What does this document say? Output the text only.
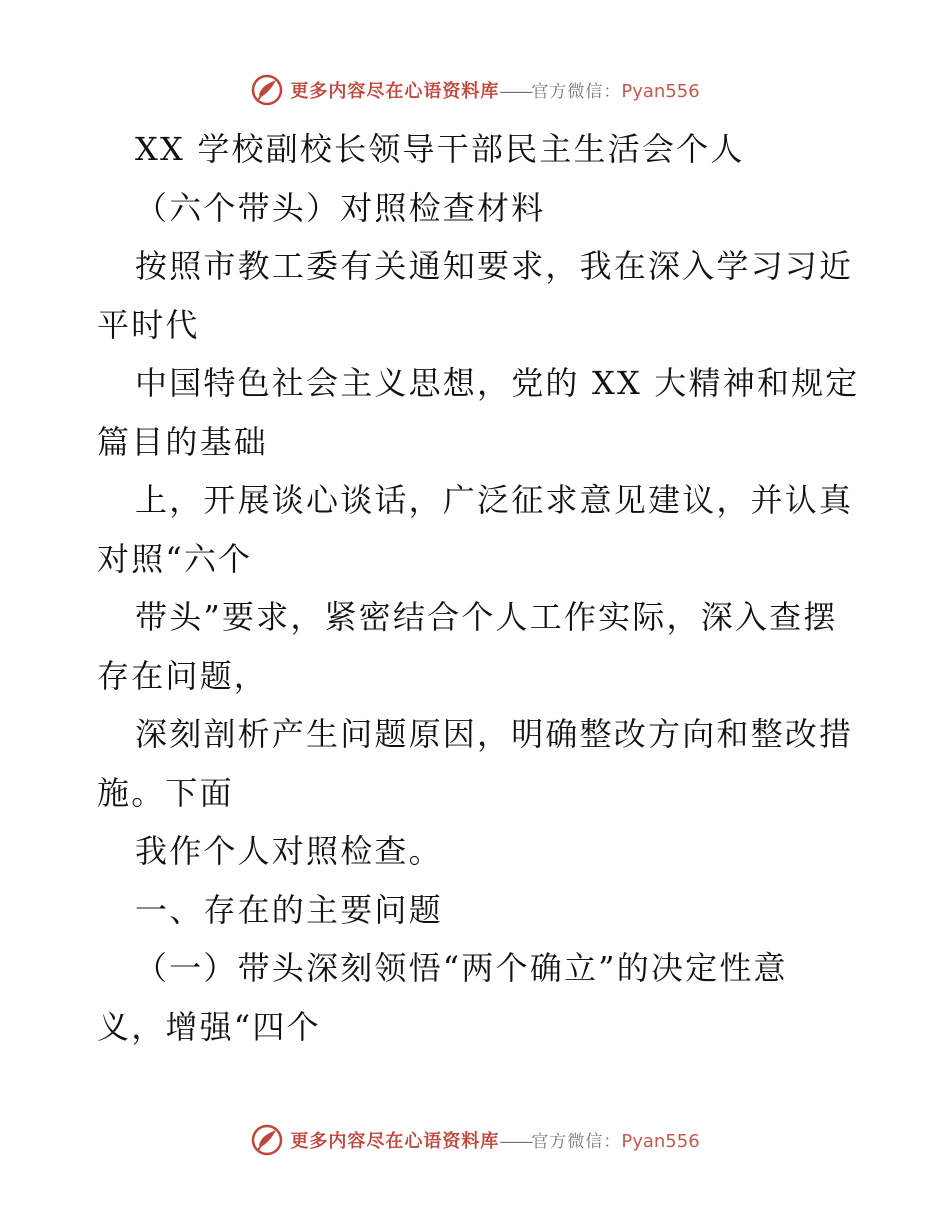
更多内容尽在心语资料库——官方微信：Pyan556
XX 学校副校长领导干部民主生活会个人
（六个带头）对照检查材料
按照市教工委有关通知要求，我在深入学习习近
平时代
中国特色社会主义思想，党的 XX 大精神和规定
篇目的基础
上，开展谈心谈话，广泛征求意见建议，并认真
对照“六个
带头”要求，紧密结合个人工作实际，深入查摆
存在问题，
深刻剖析产生问题原因，明确整改方向和整改措
施。下面
我作个人对照检查。
一、存在的主要问题
（一）带头深刻领悟“两个确立”的决定性意
义，增强“四个
更多内容尽在心语资料库——官方微信：Pyan556
